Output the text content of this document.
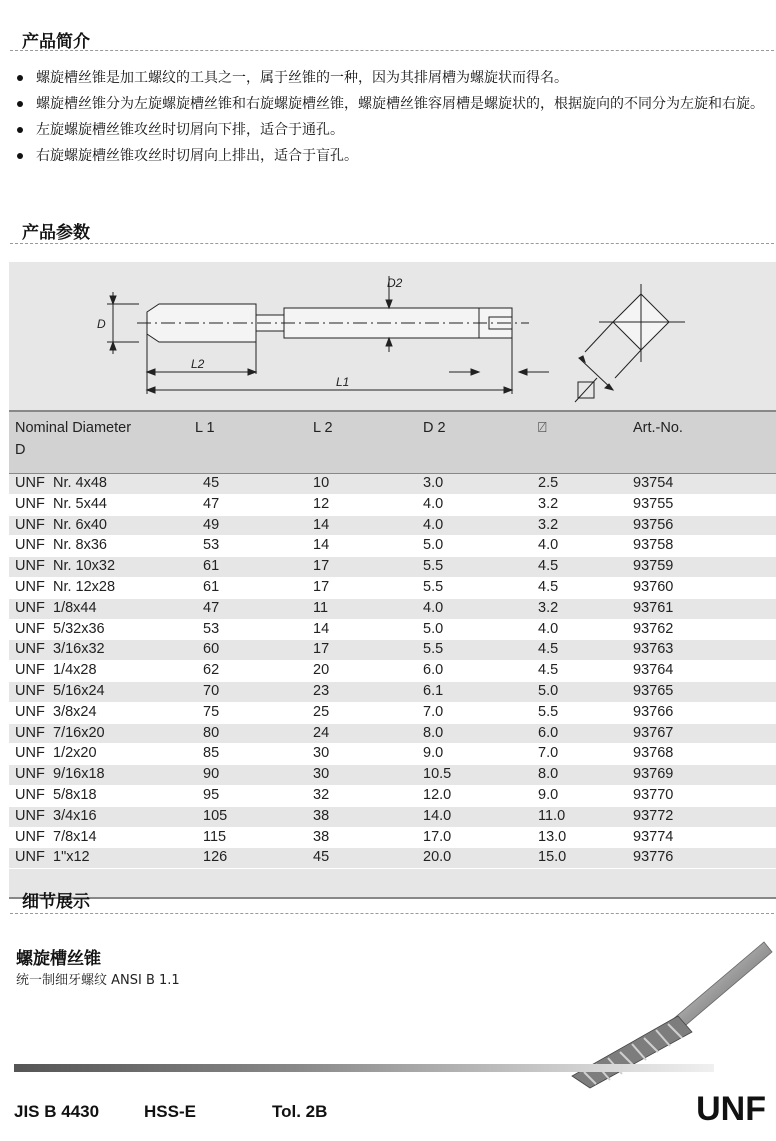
产品简介
螺旋槽丝锥是加工螺纹的工具之一，属于丝锥的一种，因为其排屑槽为螺旋状而得名。
螺旋槽丝锥分为左旋螺旋槽丝锥和右旋螺旋槽丝锥，螺旋槽丝锥容屑槽是螺旋状的，根据旋向的不同分为左旋和右旋。
左旋螺旋槽丝锥攻丝时切屑向下排，适合于通孔。
右旋螺旋槽丝锥攻丝时切屑向上排出，适合于盲孔。
产品参数
D
D2
L2
L1
Nominal Diameter
D	L 1	L 2	D 2	⍁	Art.-No.
UNF Nr. 4x48	45	10	3.0	2.5	93754
UNF Nr. 5x44	47	12	4.0	3.2	93755
UNF Nr. 6x40	49	14	4.0	3.2	93756
UNF Nr. 8x36	53	14	5.0	4.0	93758
UNF Nr. 10x32	61	17	5.5	4.5	93759
UNF Nr. 12x28	61	17	5.5	4.5	93760
UNF 1/8x44	47	11	4.0	3.2	93761
UNF 5/32x36	53	14	5.0	4.0	93762
UNF 3/16x32	60	17	5.5	4.5	93763
UNF 1/4x28	62	20	6.0	4.5	93764
UNF 5/16x24	70	23	6.1	5.0	93765
UNF 3/8x24	75	25	7.0	5.5	93766
UNF 7/16x20	80	24	8.0	6.0	93767
UNF 1/2x20	85	30	9.0	7.0	93768
UNF 9/16x18	90	30	10.5	8.0	93769
UNF 5/8x18	95	32	12.0	9.0	93770
UNF 3/4x16	105	38	14.0	11.0	93772
UNF 7/8x14	115	38	17.0	13.0	93774
UNF 1"x12	126	45	20.0	15.0	93776

细节展示
螺旋槽丝锥
统一制细牙螺纹 ANSI B 1.1
JIS B 4430	HSS-E	Tol. 2B	UNF
